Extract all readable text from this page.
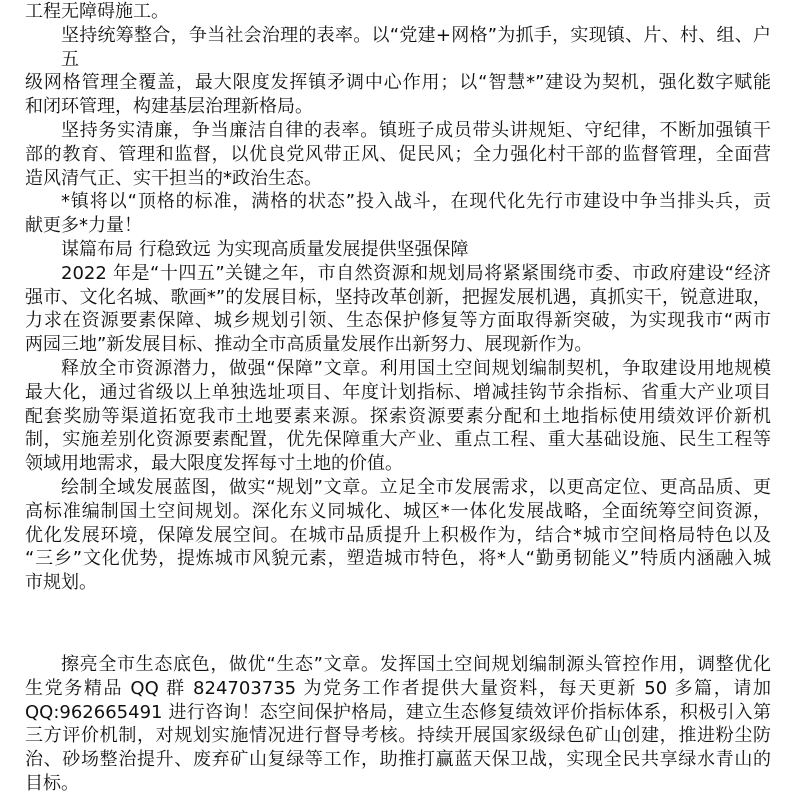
工程无障碍施工。
坚持统筹整合，争当社会治理的表率。以“党建+网格”为抓手，实现镇、片、村、组、户五
级网格管理全覆盖，最大限度发挥镇矛调中心作用；以“智慧*”建设为契机，强化数字赋能
和闭环管理，构建基层治理新格局。
坚持务实清廉，争当廉洁自律的表率。镇班子成员带头讲规矩、守纪律，不断加强镇干
部的教育、管理和监督，以优良党风带正风、促民风；全力强化村干部的监督管理，全面营
造风清气正、实干担当的*政治生态。
*镇将以“顶格的标准，满格的状态”投入战斗，在现代化先行市建设中争当排头兵，贡
献更多*力量！
谋篇布局 行稳致远 为实现高质量发展提供坚强保障
2022 年是“十四五”关键之年，市自然资源和规划局将紧紧围绕市委、市政府建设“经济
强市、文化名城、歌画*”的发展目标，坚持改革创新，把握发展机遇，真抓实干，锐意进取，
力求在资源要素保障、城乡规划引领、生态保护修复等方面取得新突破，为实现我市“两市
两园三地”新发展目标、推动全市高质量发展作出新努力、展现新作为。
释放全市资源潜力，做强“保障”文章。利用国土空间规划编制契机，争取建设用地规模
最大化，通过省级以上单独选址项目、年度计划指标、增减挂钩节余指标、省重大产业项目
配套奖励等渠道拓宽我市土地要素来源。探索资源要素分配和土地指标使用绩效评价新机
制，实施差别化资源要素配置，优先保障重大产业、重点工程、重大基础设施、民生工程等
领域用地需求，最大限度发挥每寸土地的价值。
绘制全域发展蓝图，做实“规划”文章。立足全市发展需求，以更高定位、更高品质、更
高标准编制国土空间规划。深化东义同城化、城区*一体化发展战略，全面统筹空间资源，
优化发展环境，保障发展空间。在城市品质提升上积极作为，结合*城市空间格局特色以及
“三乡”文化优势，提炼城市风貌元素，塑造城市特色，将*人“勤勇韧能义”特质内涵融入城
市规划。
擦亮全市生态底色，做优“生态”文章。发挥国土空间规划编制源头管控作用，调整优化
生党务精品 QQ 群 824703735 为党务工作者提供大量资料，每天更新 50 多篇，请加
QQ:962665491 进行咨询！态空间保护格局，建立生态修复绩效评价指标体系，积极引入第
三方评价机制，对规划实施情况进行督导考核。持续开展国家级绿色矿山创建，推进粉尘防
治、砂场整治提升、废弃矿山复绿等工作，助推打赢蓝天保卫战，实现全民共享绿水青山的
目标。
